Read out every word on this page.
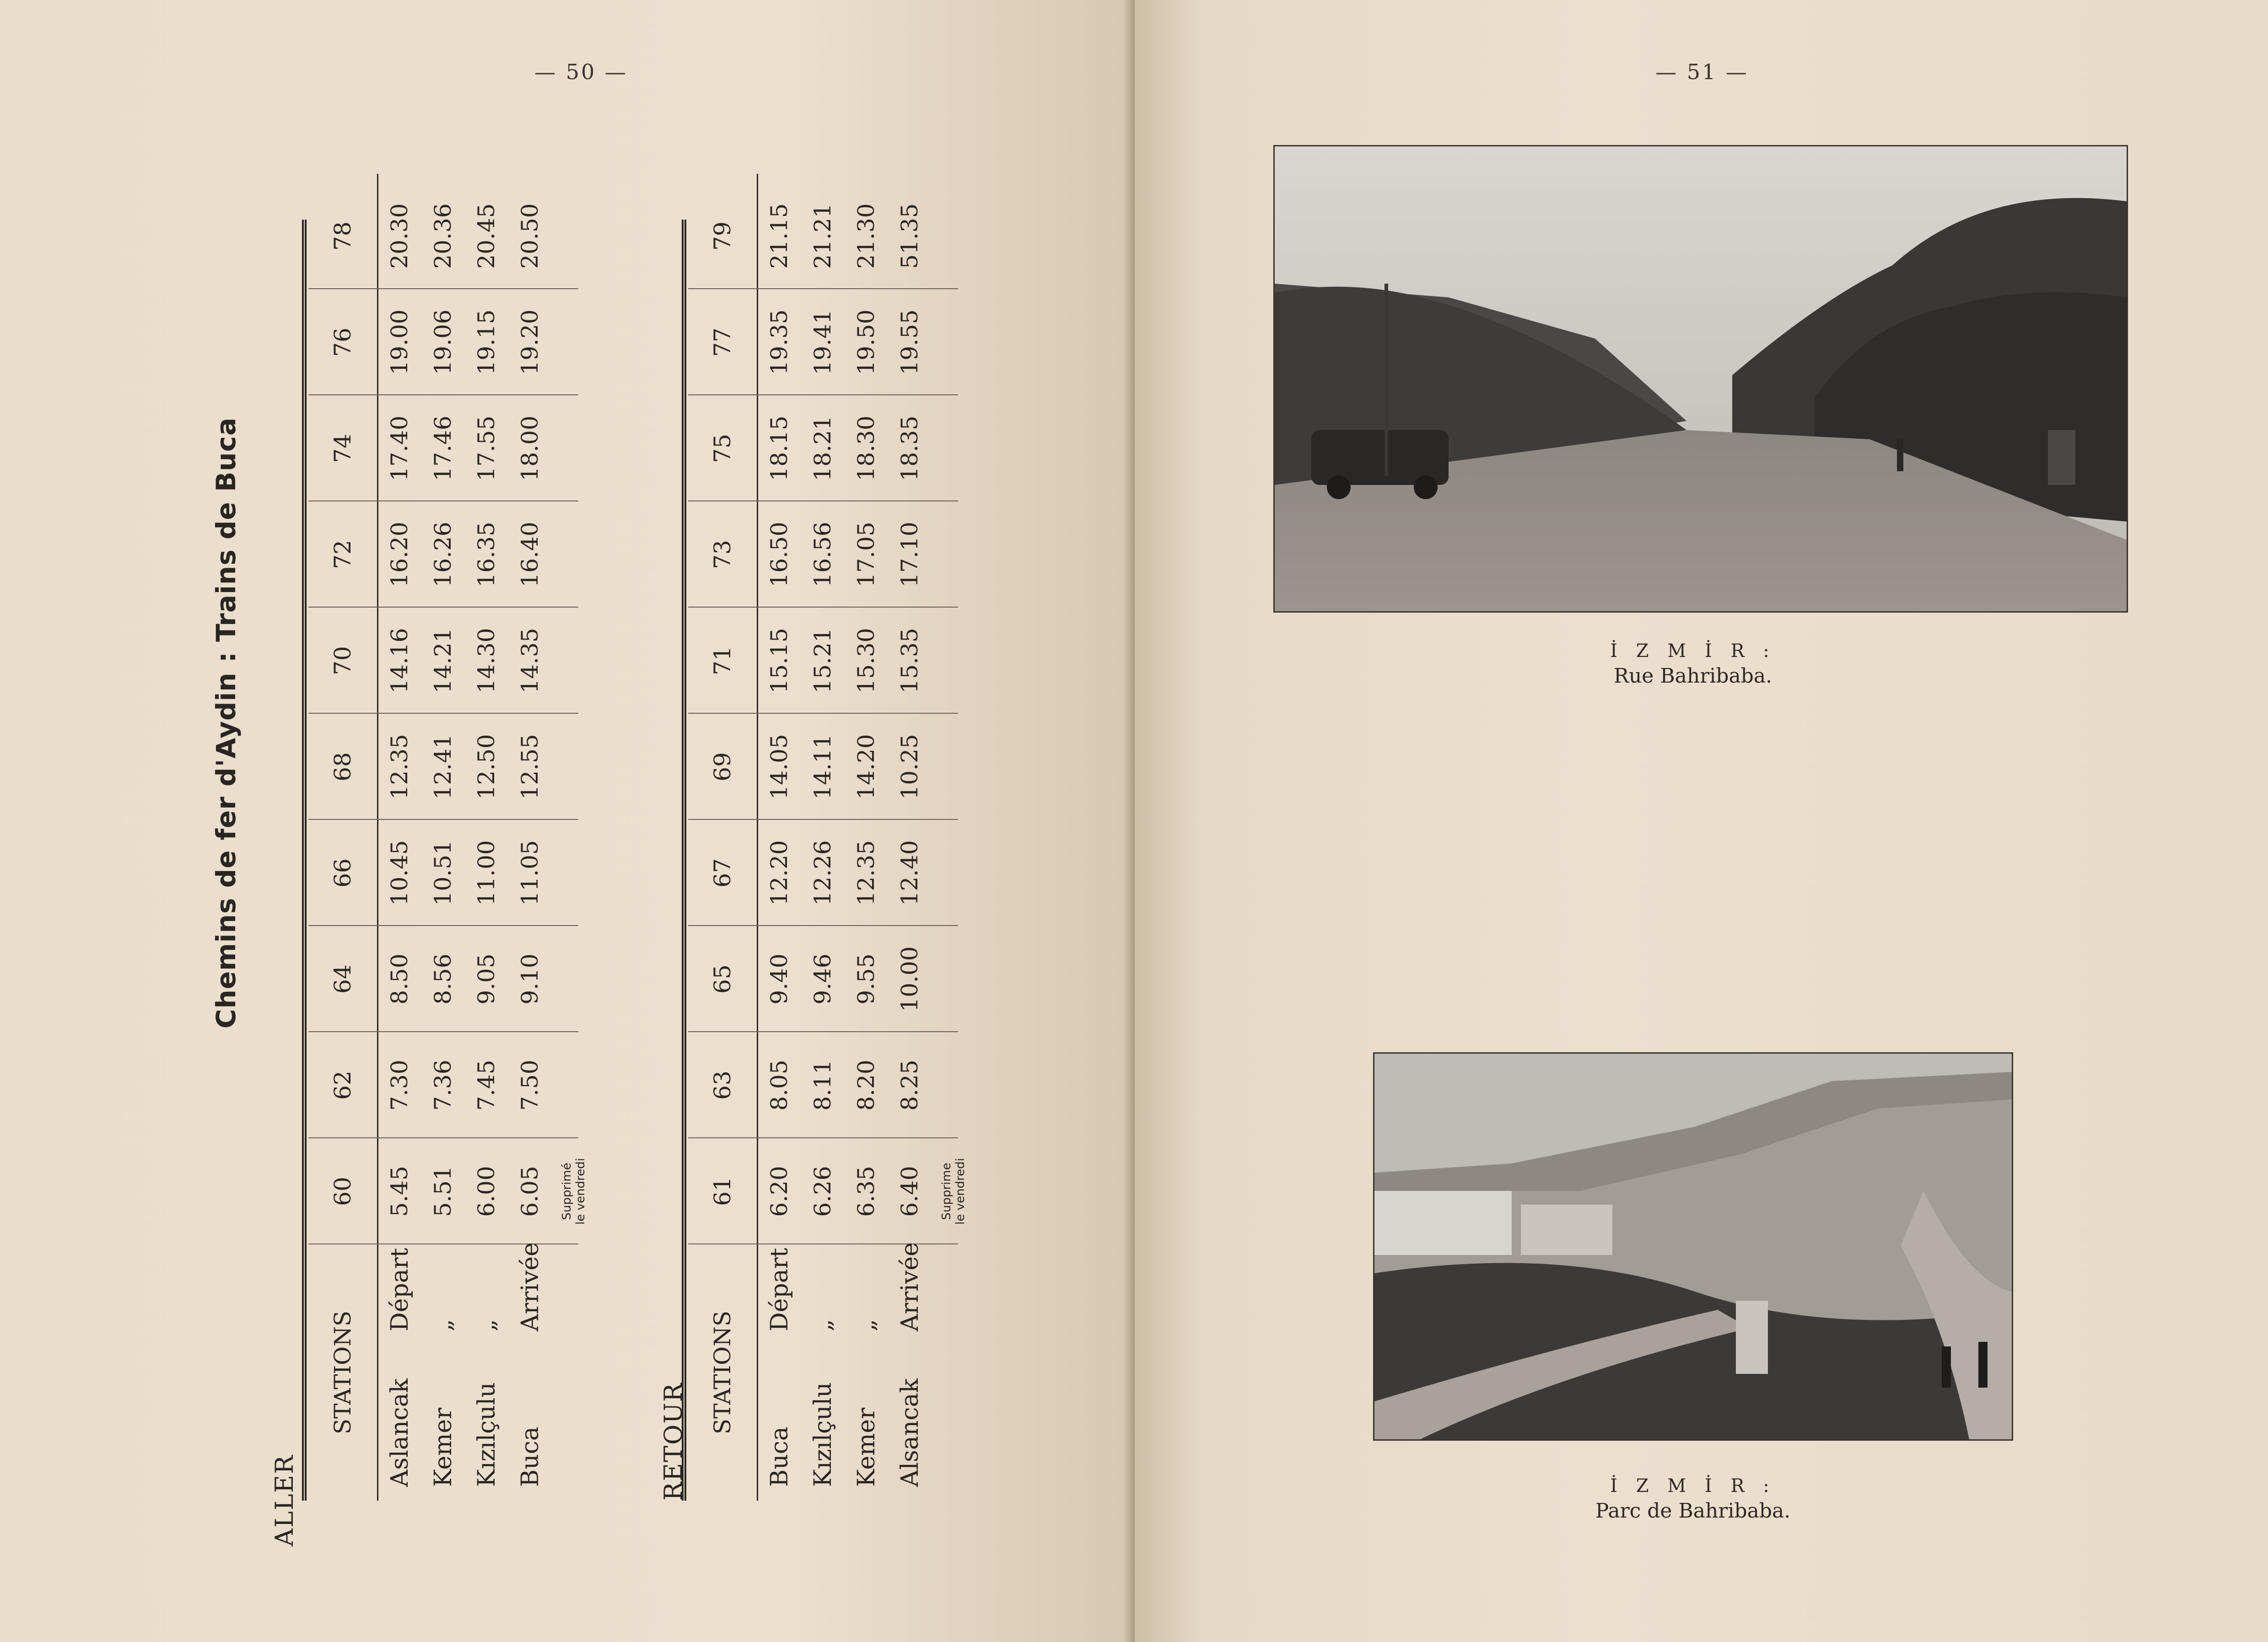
— 50 —
Chemins de fer d'Aydin : Trains de Buca
ALLER
STATIONS
60
62
64
66
68
70
72
74
76
78
Aslancak
Départ
5.45
7.30
8.50
10.45
12.35
14.16
16.20
17.40
19.00
20.30
Kemer
„
5.51
7.36
8.56
10.51
12.41
14.21
16.26
17.46
19.06
20.36
Kızılçulu
„
6.00
7.45
9.05
11.00
12.50
14.30
16.35
17.55
19.15
20.45
Buca
Arrivée
6.05
7.50
9.10
11.05
12.55
14.35
16.40
18.00
19.20
20.50
Supprimé le vendredi
RETOUR
STATIONS
61
63
65
67
69
71
73
75
77
79
Buca
Départ
6.20
8.05
9.40
12.20
14.05
15.15
16.50
18.15
19.35
21.15
Kızılçulu
„
6.26
8.11
9.46
12.26
14.11
15.21
16.56
18.21
19.41
21.21
Kemer
„
6.35
8.20
9.55
12.35
14.20
15.30
17.05
18.30
19.50
21.30
Alsancak
Arrivée
6.40
8.25
10.00
12.40
10.25
15.35
17.10
18.35
19.55
51.35
Supprime le vendredi
— 51 —
İ Z M İ R :
Rue Bahribaba.
İ Z M İ R :
Parc de Bahribaba.
